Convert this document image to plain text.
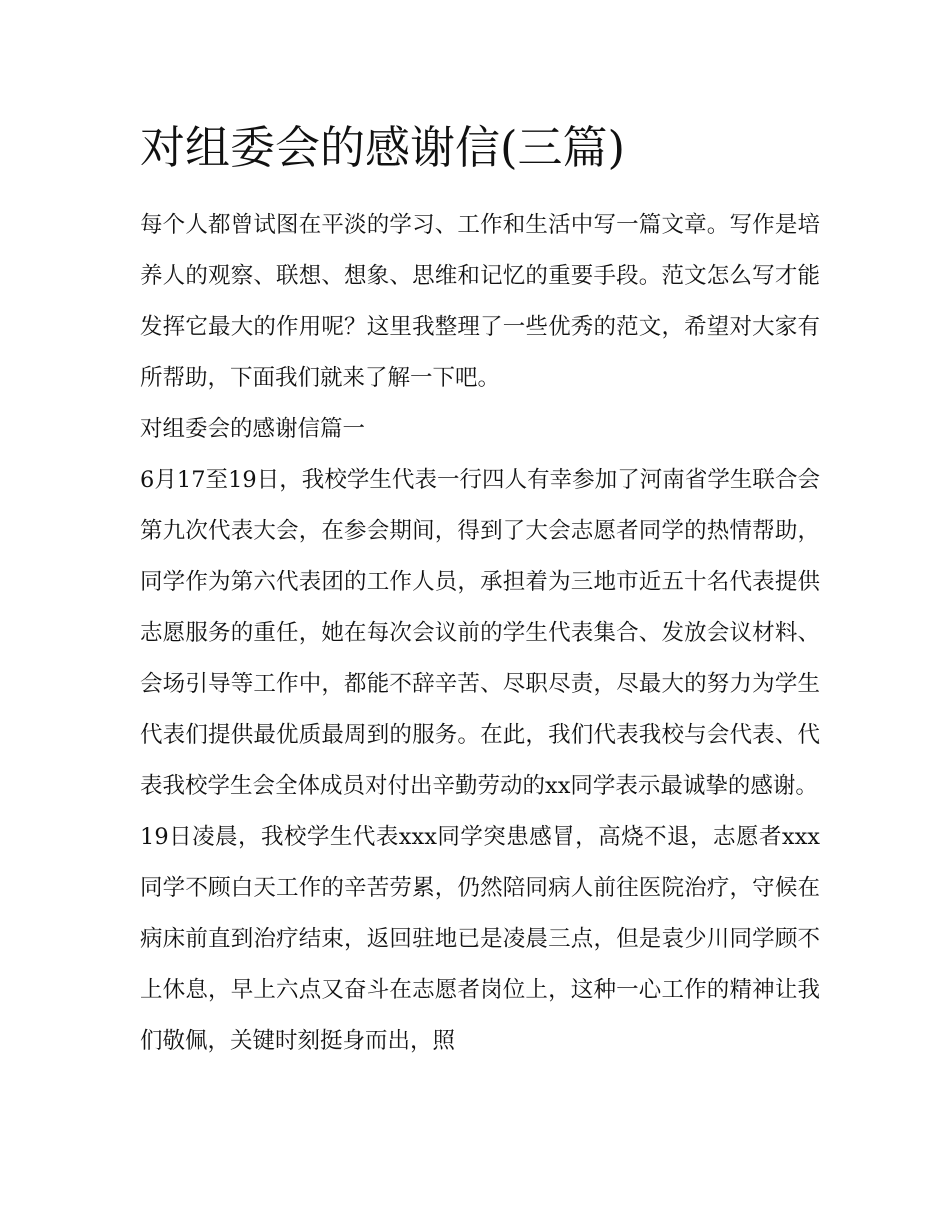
对组委会的感谢信(三篇)

每个人都曾试图在平淡的学习、工作和生活中写一篇文章。写作是培养人的观察、联想、想象、思维和记忆的重要手段。范文怎么写才能发挥它最大的作用呢？这里我整理了一些优秀的范文，希望对大家有所帮助，下面我们就来了解一下吧。

对组委会的感谢信篇一

6月17至19日，我校学生代表一行四人有幸参加了河南省学生联合会第九次代表大会，在参会期间，得到了大会志愿者同学的热情帮助，同学作为第六代表团的工作人员，承担着为三地市近五十名代表提供志愿服务的重任，她在每次会议前的学生代表集合、发放会议材料、会场引导等工作中，都能不辞辛苦、尽职尽责，尽最大的努力为学生代表们提供最优质最周到的服务。在此，我们代表我校与会代表、代表我校学生会全体成员对付出辛勤劳动的xx同学表示最诚挚的感谢。

19日凌晨，我校学生代表xxx同学突患感冒，高烧不退，志愿者xxx同学不顾白天工作的辛苦劳累，仍然陪同病人前往医院治疗，守候在病床前直到治疗结束，返回驻地已是凌晨三点，但是袁少川同学顾不上休息，早上六点又奋斗在志愿者岗位上，这种一心工作的精神让我们敬佩，关键时刻挺身而出，照
